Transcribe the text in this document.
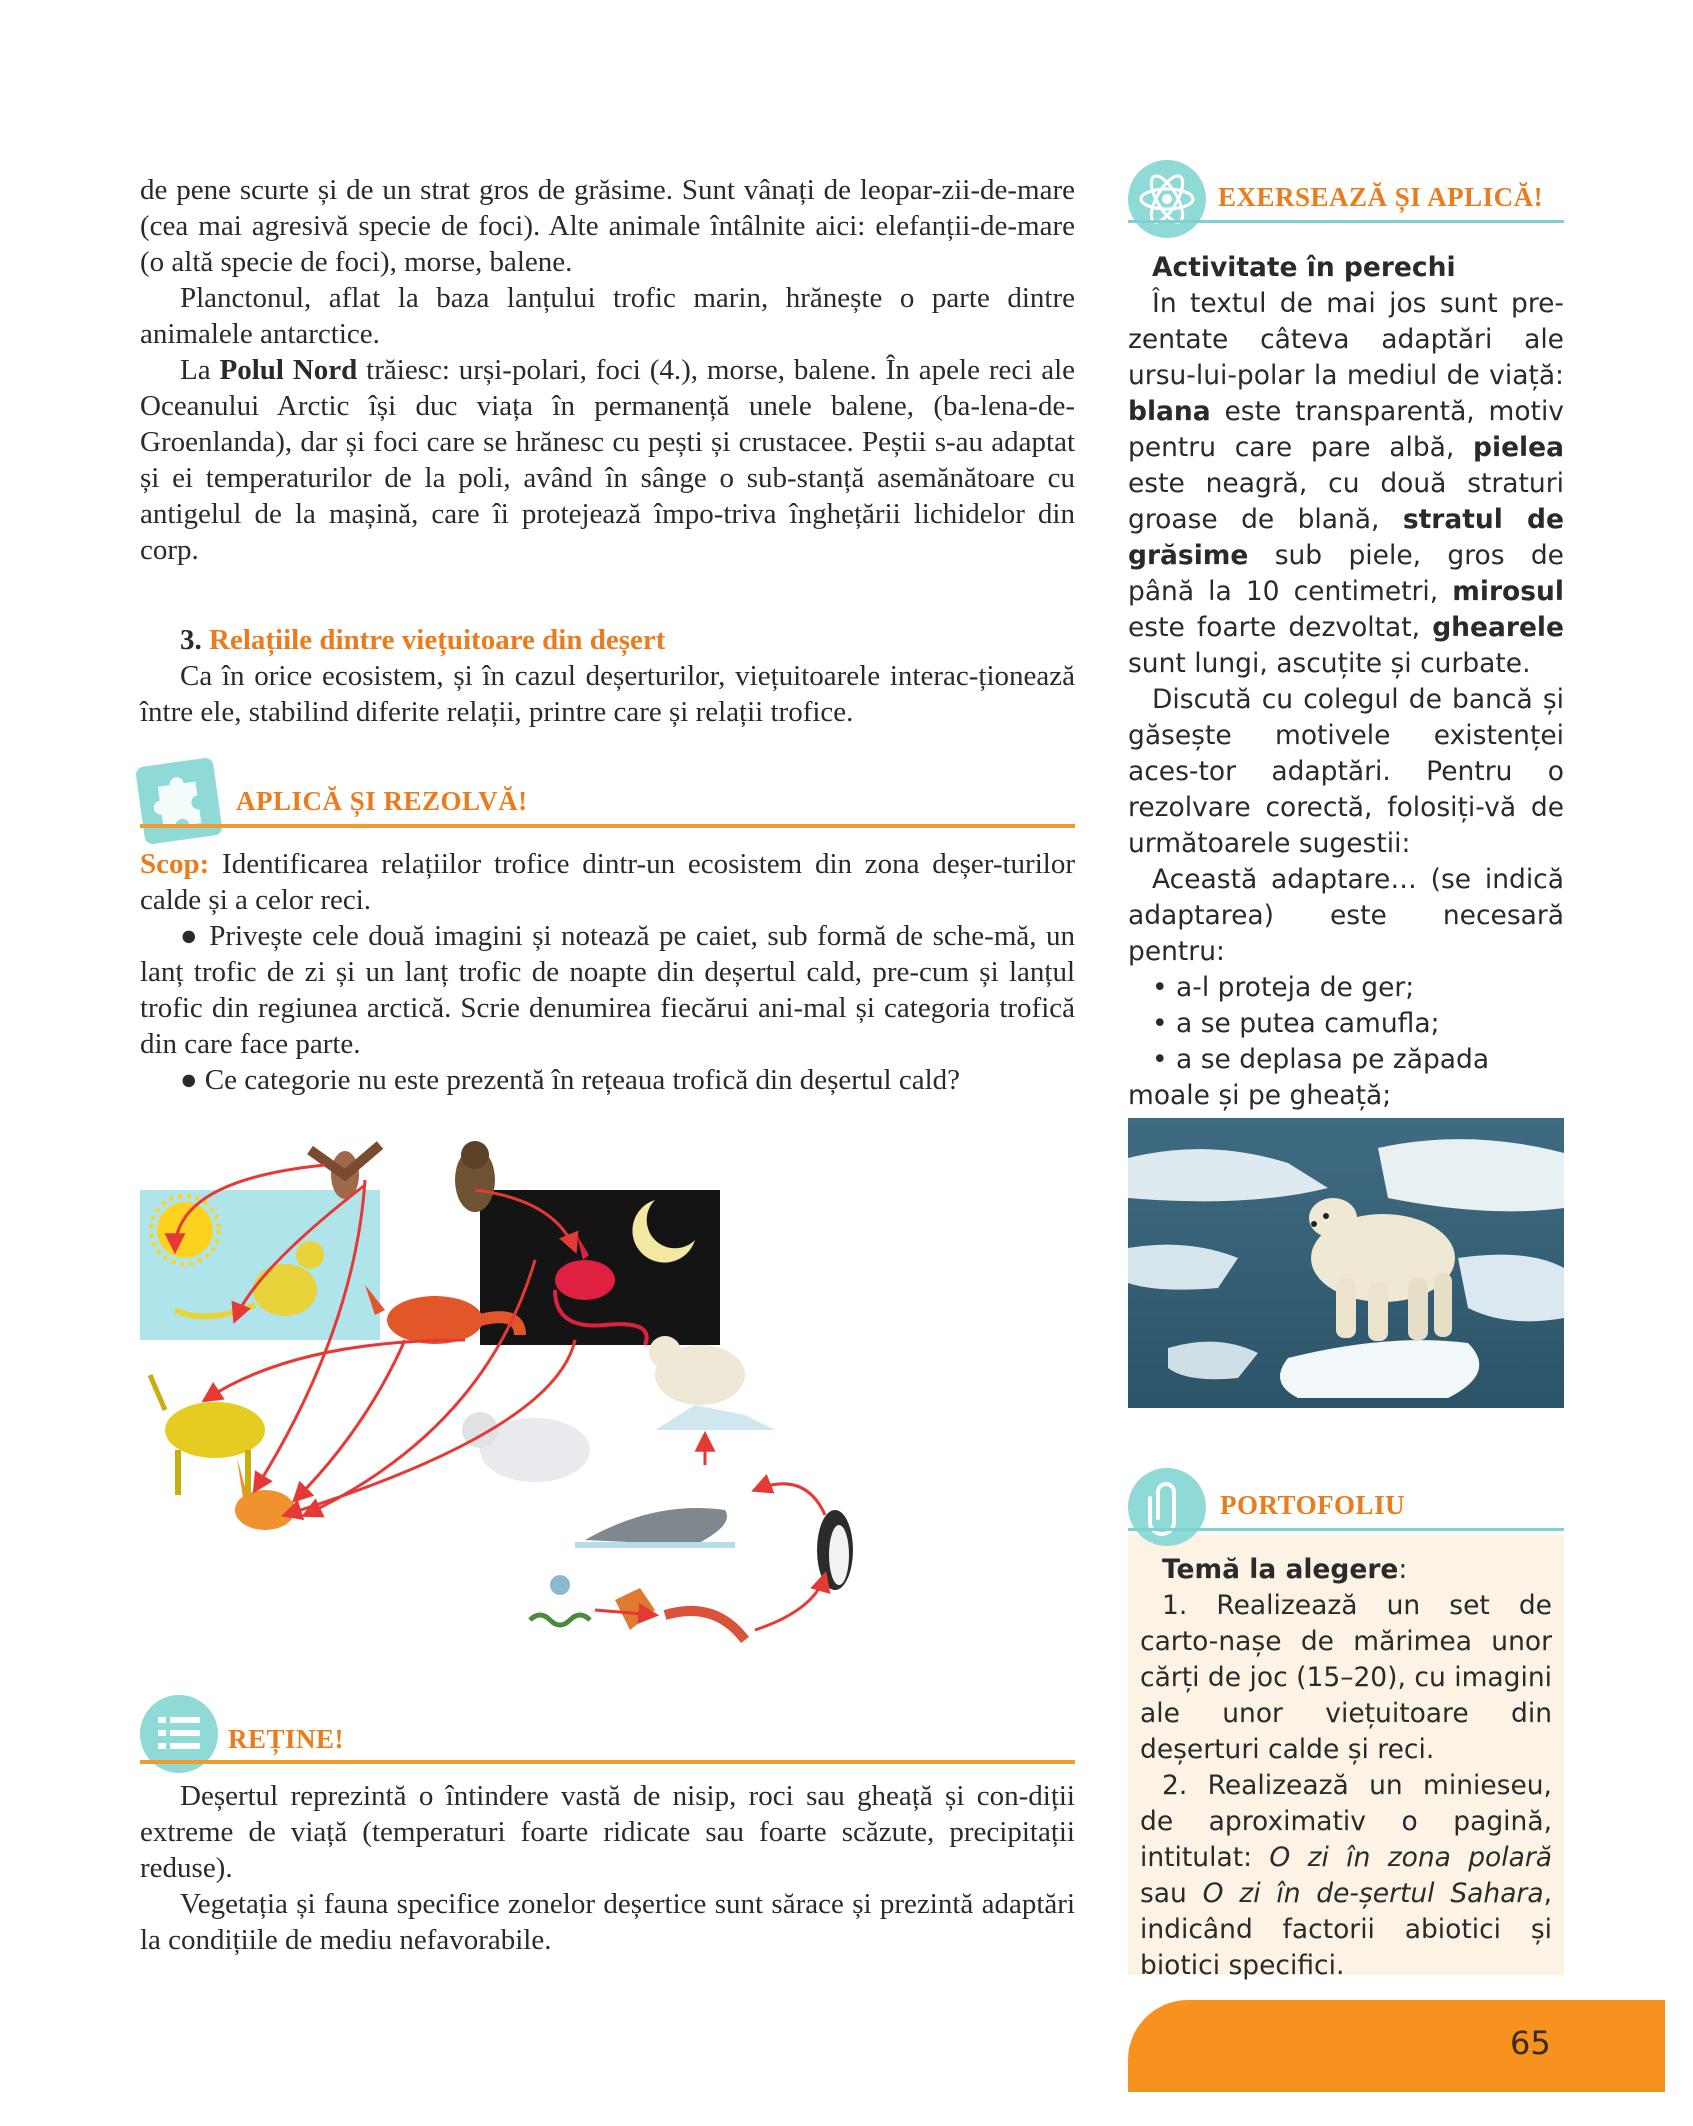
de pene scurte și de un strat gros de grăsime. Sunt vânați de leopar-zii-de-mare (cea mai agresivă specie de foci). Alte animale întâlnite aici: elefanții-de-mare (o altă specie de foci), morse, balene.

Planctonul, aflat la baza lanțului trofic marin, hrănește o parte dintre animalele antarctice.

La Polul Nord trăiesc: urși-polari, foci (4.), morse, balene. În apele reci ale Oceanului Arctic își duc viața în permanență unele balene, (ba-lena-de-Groenlanda), dar și foci care se hrănesc cu pești și crustacee. Peștii s-au adaptat și ei temperaturilor de la poli, având în sânge o sub-stanță asemănătoare cu antigelul de la mașină, care îi protejează împo-triva înghețării lichidelor din corp.

3. Relațiile dintre viețuitoare din deșert

Ca în orice ecosistem, și în cazul deșerturilor, viețuitoarele interac-ționează între ele, stabilind diferite relații, printre care și relații trofice.

APLICĂ ȘI REZOLVĂ!

Scop: Identificarea relațiilor trofice dintr-un ecosistem din zona deșer-turilor calde și a celor reci.

● Privește cele două imagini și notează pe caiet, sub formă de sche-mă, un lanț trofic de zi și un lanț trofic de noapte din deșertul cald, pre-cum și lanțul trofic din regiunea arctică. Scrie denumirea fiecărui ani-mal și categoria trofică din care face parte.

● Ce categorie nu este prezentă în rețeaua trofică din deșertul cald?

REȚINE!

Deșertul reprezintă o întindere vastă de nisip, roci sau gheață și con-diții extreme de viață (temperaturi foarte ridicate sau foarte scăzute, precipitații reduse).

Vegetația și fauna specifice zonelor deșertice sunt sărace și prezintă adaptări la condițiile de mediu nefavorabile.

EXERSEAZĂ ȘI APLICĂ!

Activitate în perechi

În textul de mai jos sunt pre-zentate câteva adaptări ale ursu-lui-polar la mediul de viață: blana este transparentă, motiv pentru care pare albă, pielea este neagră, cu două straturi groase de blană, stratul de grăsime sub piele, gros de până la 10 centimetri, mirosul este foarte dezvoltat, ghearele sunt lungi, ascuțite și curbate.

Discută cu colegul de bancă și găsește motivele existenței aces-tor adaptări. Pentru o rezolvare corectă, folosiți-vă de următoarele sugestii:

Această adaptare… (se indică adaptarea) este necesară pentru:

• a-l proteja de ger;
• a se putea camufla;
• a se deplasa pe zăpada moale și pe gheață;
PORTOFOLIU

Temă la alegere:

1. Realizează un set de carto-nașe de mărimea unor cărți de joc (15–20), cu imagini ale unor viețuitoare din deșerturi calde și reci.

2. Realizează un minieseu, de aproximativ o pagină, intitulat: O zi în zona polară sau O zi în de-șertul Sahara, indicând factorii abiotici și biotici specifici.

65
